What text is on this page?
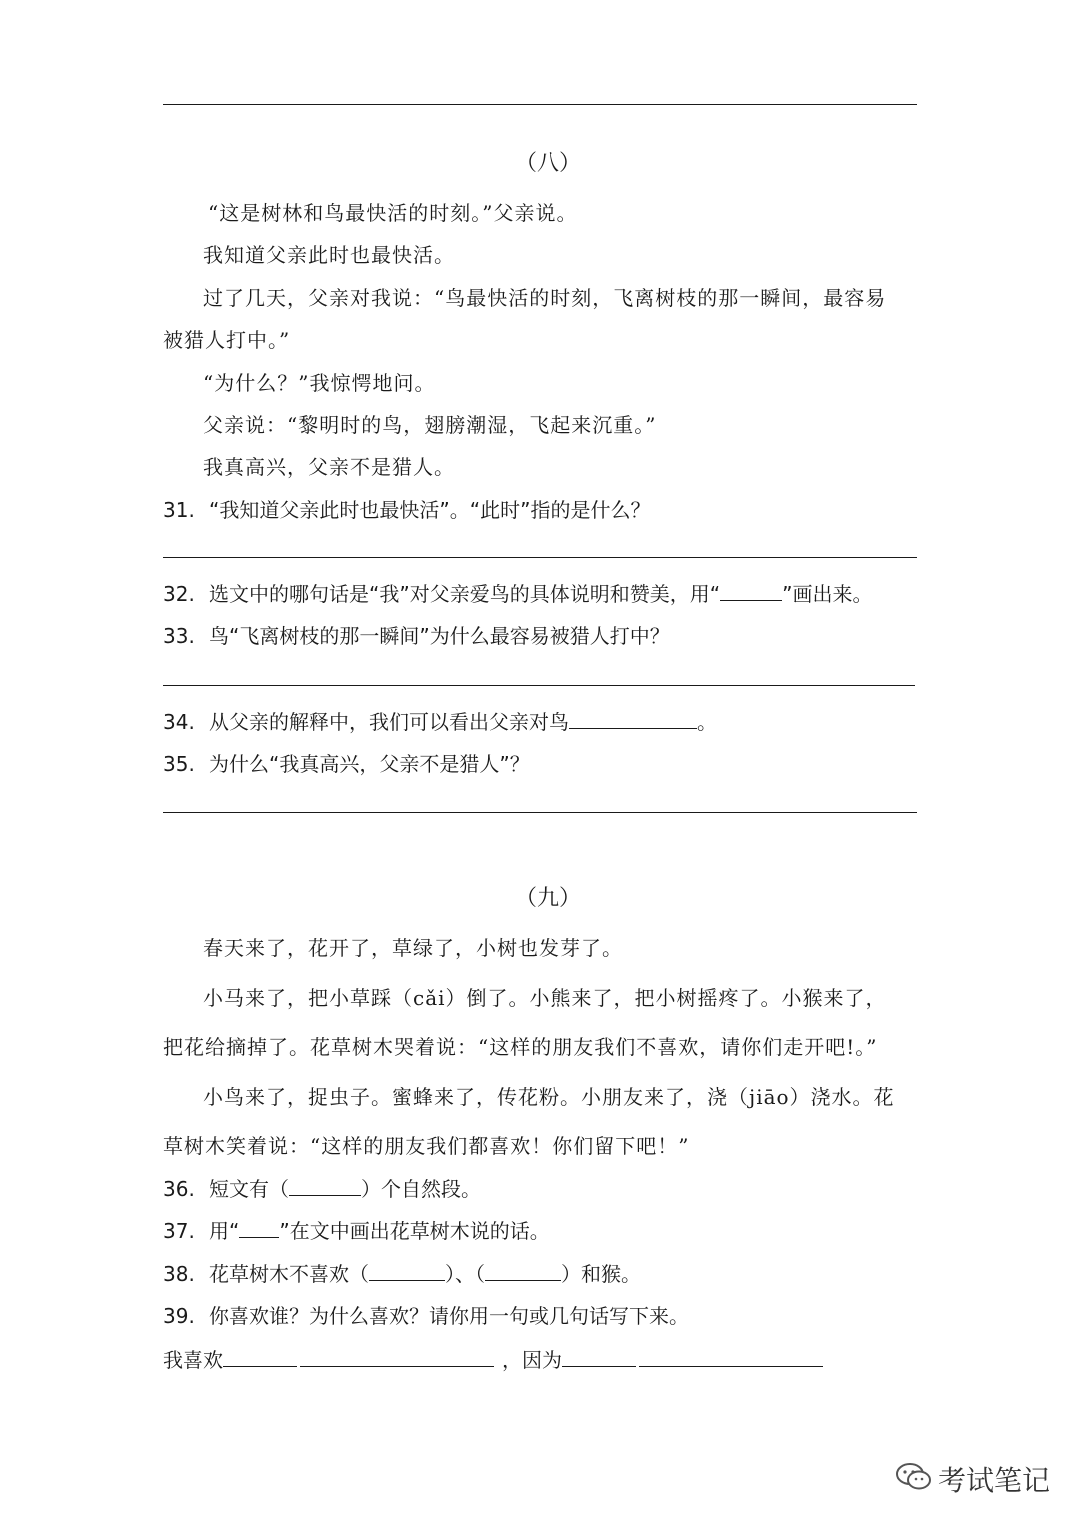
（八）
“这是树林和鸟最快活的时刻。”父亲说。
我知道父亲此时也最快活。
过了几天，父亲对我说：“鸟最快活的时刻，飞离树枝的那一瞬间，最容易
被猎人打中。”
“为什么？”我惊愕地问。
父亲说：“黎明时的鸟，翅膀潮湿，飞起来沉重。”
我真高兴，父亲不是猎人。
31. “我知道父亲此时也最快活”。“此时”指的是什么？
32. 选文中的哪句话是“我”对父亲爱鸟的具体说明和赞美，用“	”画出来。
33. 鸟“飞离树枝的那一瞬间”为什么最容易被猎人打中？
34. 从父亲的解释中，我们可以看出父亲对鸟	。
35. 为什么“我真高兴，父亲不是猎人”？
（九）
春天来了，花开了，草绿了，小树也发芽了。
小马来了，把小草踩（cǎi）倒了。小熊来了，把小树摇疼了。小猴来了，
把花给摘掉了。花草树木哭着说：“这样的朋友我们不喜欢，请你们走开吧!。”
小鸟来了，捉虫子。蜜蜂来了，传花粉。小朋友来了，浇（jiāo）浇水。花
草树木笑着说：“这样的朋友我们都喜欢！你们留下吧！”
36. 短文有（	）个自然段。
37. 用“ ”在文中画出花草树木说的话。
38. 花草树木不喜欢（	）、（	）和猴。
39. 你喜欢谁？为什么喜欢？请你用一句或几句话写下来。
我喜欢	，因为
考试笔记
